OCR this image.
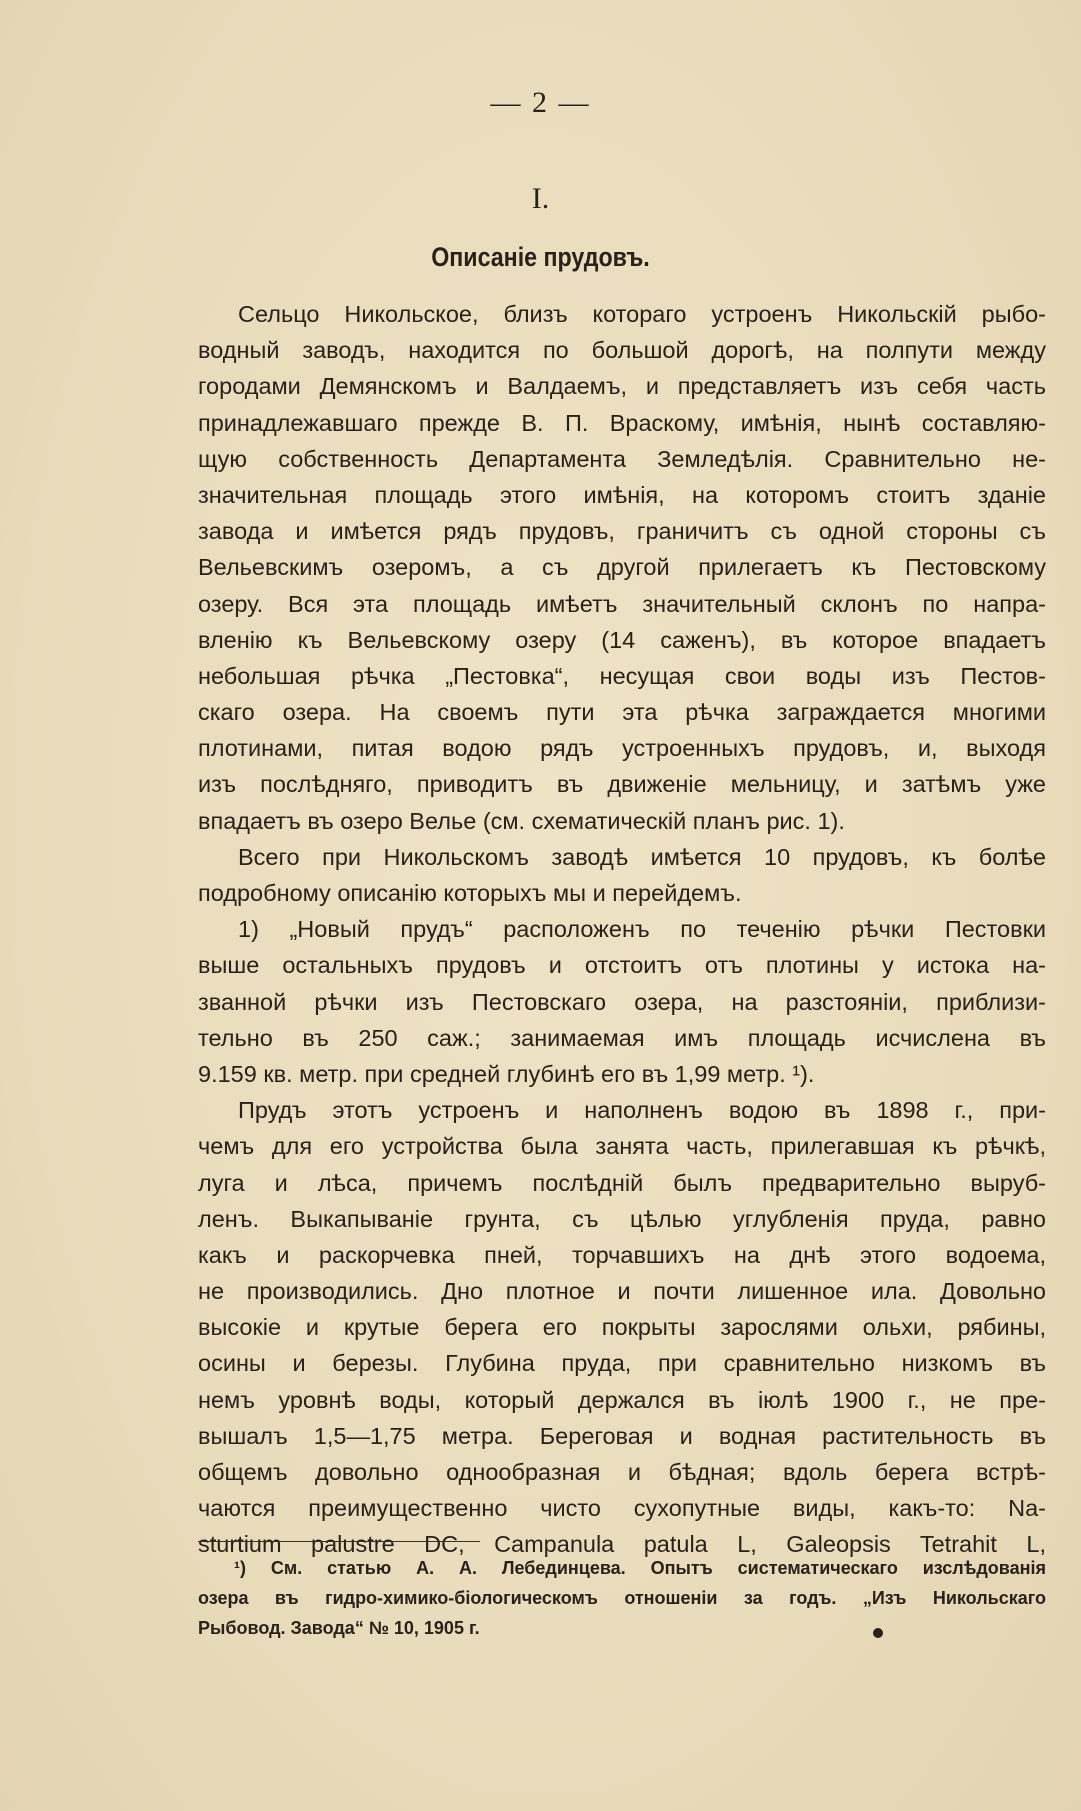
— 2 —
I.
Описаніе прудовъ.
Сельцо Никольское, близъ котораго устроенъ Никольскій рыбо-
водный заводъ, находится по большой дорогѣ, на полпути между
городами Демянскомъ и Валдаемъ, и представляетъ изъ себя часть
принадлежавшаго прежде В. П. Враскому, имѣнія, нынѣ составляю-
щую собственность Департамента Земледѣлія. Сравнительно не-
значительная площадь этого имѣнія, на которомъ стоитъ зданіе
завода и имѣется рядъ прудовъ, граничитъ съ одной стороны съ
Вельевскимъ озеромъ, а съ другой прилегаетъ къ Пестовскому
озеру. Вся эта площадь имѣетъ значительный склонъ по напра-
вленію къ Вельевскому озеру (14 саженъ), въ которое впадаетъ
небольшая рѣчка „Пестовка“, несущая свои воды изъ Пестов-
скаго озера. На своемъ пути эта рѣчка заграждается многими
плотинами, питая водою рядъ устроенныхъ прудовъ, и, выходя
изъ послѣдняго, приводитъ въ движеніе мельницу, и затѣмъ уже
впадаетъ въ озеро Велье (см. схематическій планъ рис. 1).
Всего при Никольскомъ заводѣ имѣется 10 прудовъ, къ болѣе
подробному описанію которыхъ мы и перейдемъ.
1) „Новый прудъ“ расположенъ по теченію рѣчки Пестовки
выше остальныхъ прудовъ и отстоитъ отъ плотины у истока на-
званной рѣчки изъ Пестовскаго озера, на разстояніи, приблизи-
тельно въ 250 саж.; занимаемая имъ площадь исчислена въ
9.159 кв. метр. при средней глубинѣ его въ 1,99 метр. ¹).
Прудъ этотъ устроенъ и наполненъ водою въ 1898 г., при-
чемъ для его устройства была занята часть, прилегавшая къ рѣчкѣ,
луга и лѣса, причемъ послѣдній былъ предварительно выруб-
ленъ. Выкапываніе грунта, съ цѣлью углубленія пруда, равно
какъ и раскорчевка пней, торчавшихъ на днѣ этого водоема,
не производились. Дно плотное и почти лишенное ила. Довольно
высокіе и крутые берега его покрыты зарослями ольхи, рябины,
осины и березы. Глубина пруда, при сравнительно низкомъ въ
немъ уровнѣ воды, который держался въ іюлѣ 1900 г., не пре-
вышалъ 1,5—1,75 метра. Береговая и водная растительность въ
общемъ довольно однообразная и бѣдная; вдоль берега встрѣ-
чаются преимущественно чисто сухопутные виды, какъ-то: Na-
sturtium palustre DC, Campanula patula L, Galeopsis Tetrahit L,
¹) См. статью А. А. Лебединцева. Опытъ систематическаго изслѣдованія
озера въ гидро-химико-біологическомъ отношеніи за годъ. „Изъ Никольскаго
Рыбовод. Завода“ № 10, 1905 г.
